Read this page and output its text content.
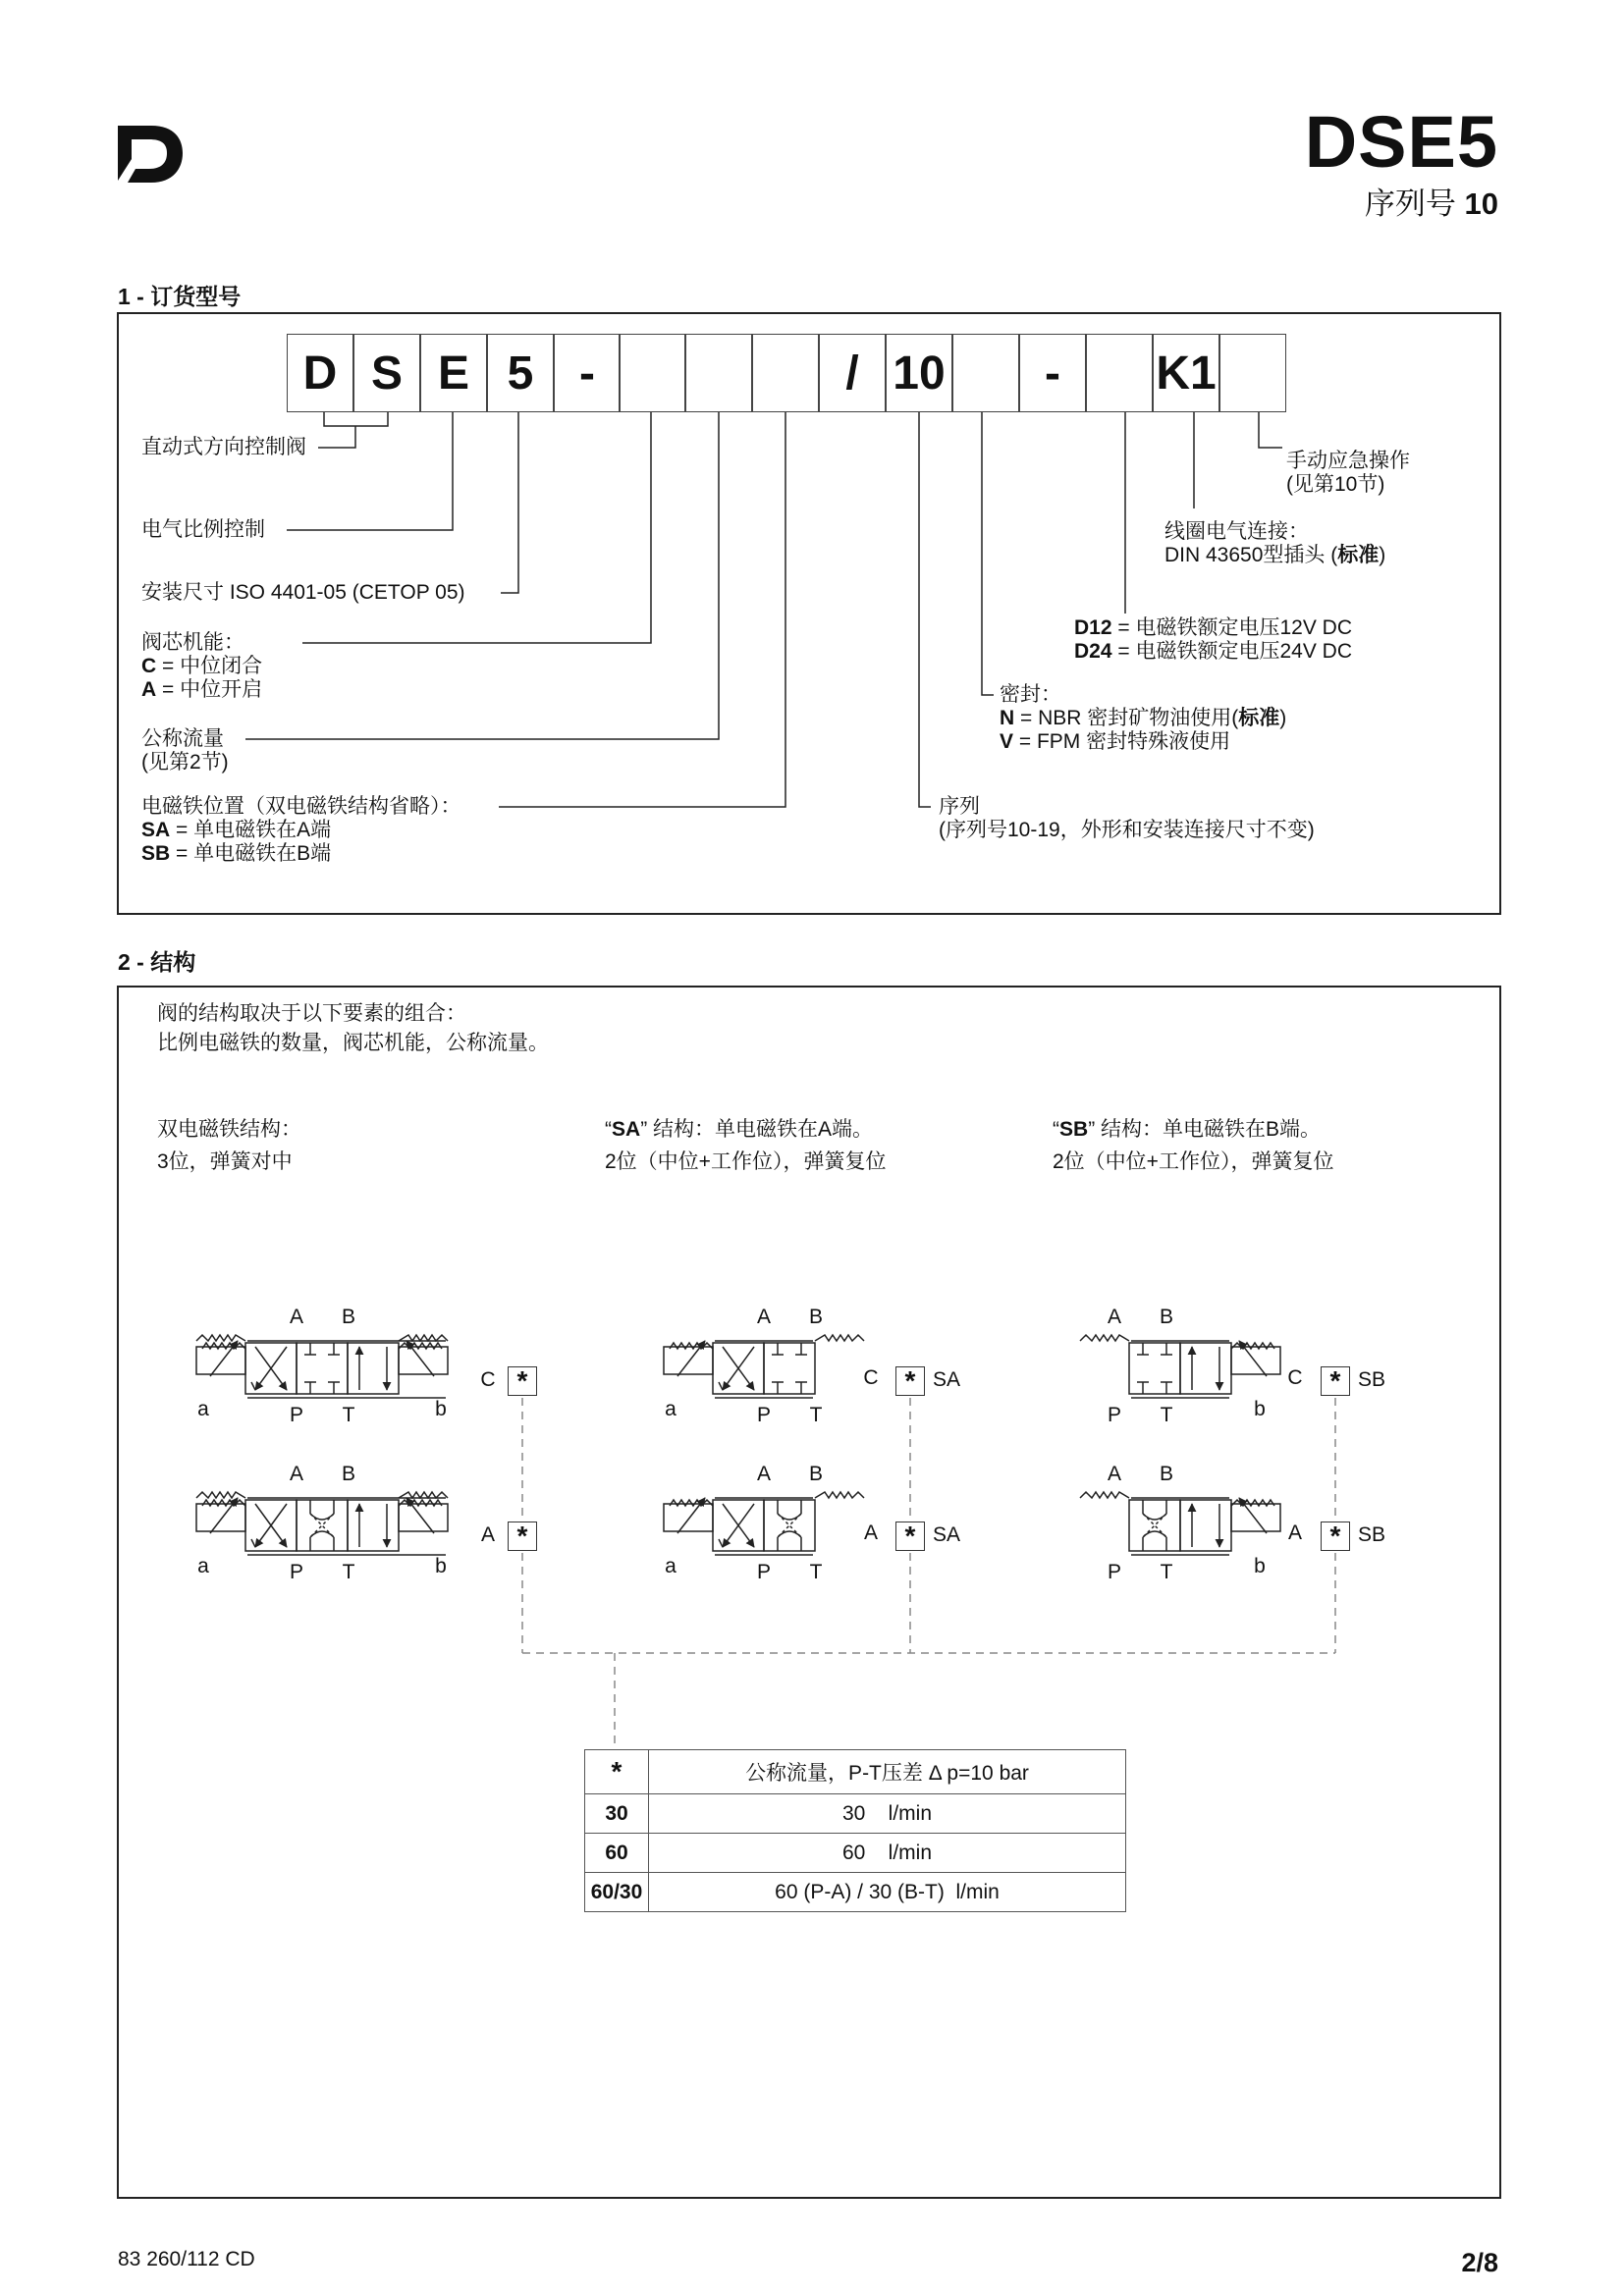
DSE5
序列号 10
1 - 订货型号
D S E 5 -	/ 10	-	K1
直动式方向控制阀
电气比例控制
安装尺寸 ISO 4401-05 (CETOP 05)
阀芯机能：
C = 中位闭合
A = 中位开启
公称流量
(见第2节)
电磁铁位置（双电磁铁结构省略）：
SA = 单电磁铁在A端
SB = 单电磁铁在B端
手动应急操作
(见第10节)
线圈电气连接：
DIN 43650型插头 (标准)
D12 = 电磁铁额定电压12V DC
D24 = 电磁铁额定电压24V DC
密封：
N = NBR 密封矿物油使用(标准)
V = FPM 密封特殊液使用
序列
(序列号10-19，外形和安装连接尺寸不变)
2 - 结构
阀的结构取决于以下要素的组合：
比例电磁铁的数量，阀芯机能，公称流量。
双电磁铁结构：
3位，弹簧对中
“SA” 结构：单电磁铁在A端。
2位（中位+工作位），弹簧复位
“SB” 结构：单电磁铁在B端。
2位（中位+工作位），弹簧复位
A B
P	T
a	b
A B
P	T
a	b
A B
P	T
a
A B
P	T
a
A B
P	T	b
A B
P	T	b
C *
A *
C * SA
A * SA
C * SB
A	* SB
*	公称流量，P-T压差 Δ p=10 bar
30	30    l/min
60	60    l/min
60/30	60 (P-A) / 30 (B-T)  l/min
83 260/112 CD	2/8
